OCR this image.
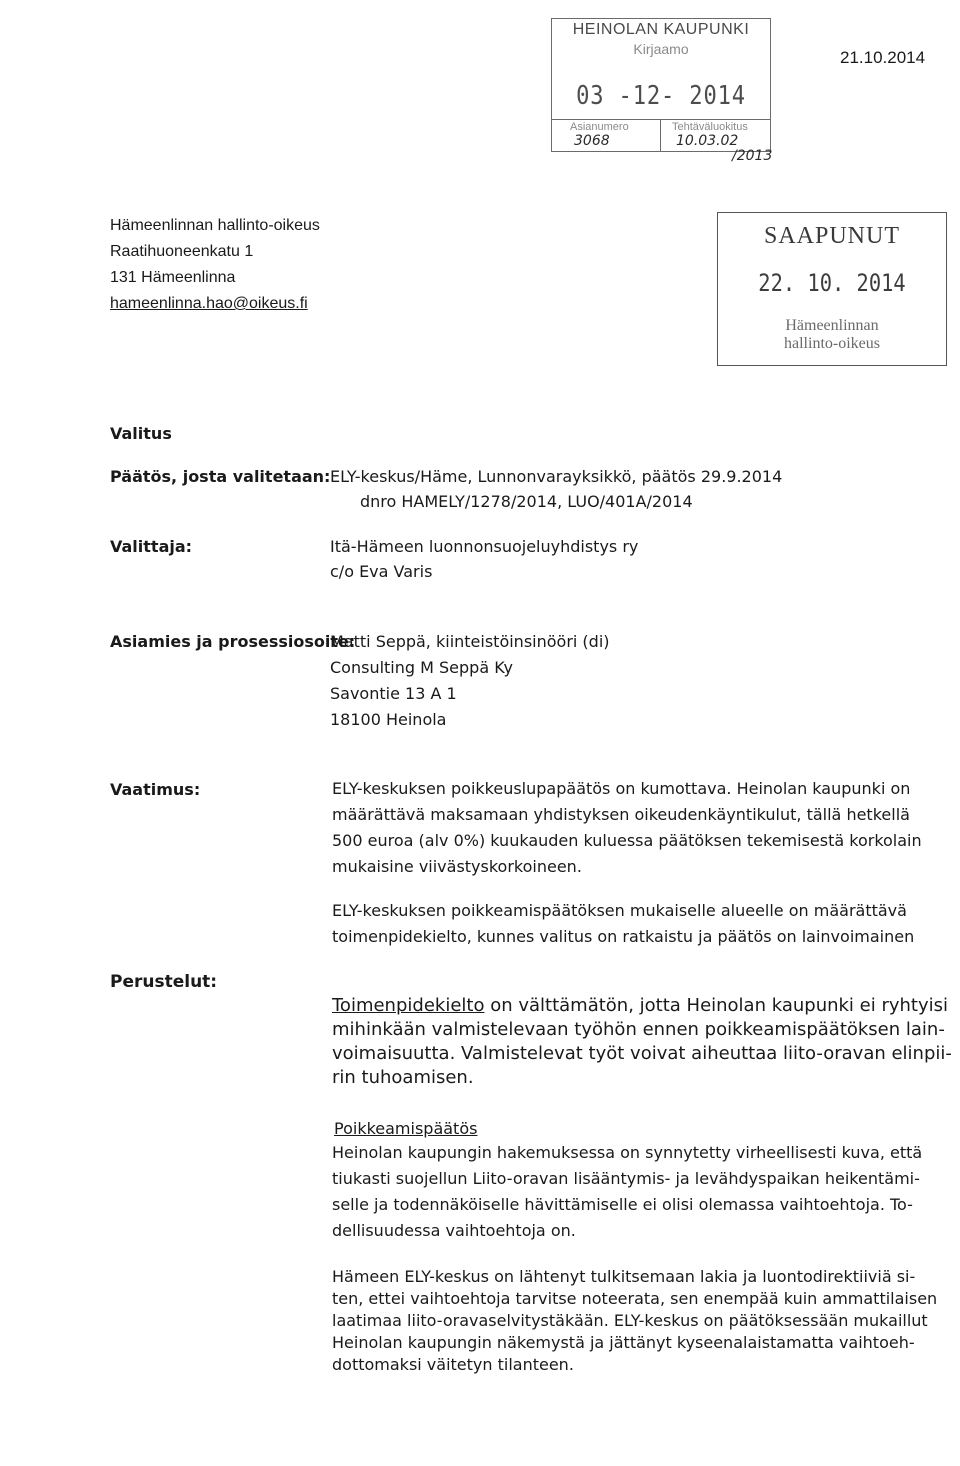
HEINOLAN KAUPUNKI
Kirjaamo
03 -12- 2014
Asianumero	Tehtäväluokitus
3068	10.03.02
/2013
21.10.2014
Hämeenlinnan hallinto-oikeus
Raatihuoneenkatu 1
131 Hämeenlinna
hameenlinna.hao@oikeus.fi
SAAPUNUT
22. 10. 2014
Hämeenlinnan
hallinto-oikeus
Valitus
Päätös, josta valitetaan: ELY-keskus/Häme, Lunnonvarayksikkö, päätös 29.9.2014
dnro HAMELY/1278/2014, LUO/401A/2014
Valittaja:	Itä-Hämeen luonnonsuojeluyhdistys ry
c/o Eva Varis
Asiamies ja prosessiosoite:
Matti Seppä, kiinteistöinsinööri (di)
Consulting M Seppä Ky
Savontie 13 A 1
18100 Heinola
Vaatimus:	ELY-keskuksen poikkeuslupapäätös on kumottava. Heinolan kaupunki on
määrättävä maksamaan yhdistyksen oikeudenkäyntikulut, tällä hetkellä
500 euroa (alv 0%) kuukauden kuluessa päätöksen tekemisestä korkolain
mukaisine viivästyskorkoineen.
ELY-keskuksen poikkeamispäätöksen mukaiselle alueelle on määrättävä
toimenpidekielto, kunnes valitus on ratkaistu ja päätös on lainvoimainen
Perustelut:
Toimenpidekielto on välttämätön, jotta Heinolan kaupunki ei ryhtyisi
mihinkään valmistelevaan työhön ennen poikkeamispäätöksen lain-
voimaisuutta. Valmistelevat työt voivat aiheuttaa liito-oravan elinpii-
rin tuhoamisen.
Poikkeamispäätös
Heinolan kaupungin hakemuksessa on synnytetty virheellisesti kuva, että
tiukasti suojellun Liito-oravan lisääntymis- ja levähdyspaikan heikentämi-
selle ja todennäköiselle hävittämiselle ei olisi olemassa vaihtoehtoja. To-
dellisuudessa vaihtoehtoja on.
Hämeen ELY-keskus on lähtenyt tulkitsemaan lakia ja luontodirektiiviä si-
ten, ettei vaihtoehtoja tarvitse noteerata, sen enempää kuin ammattilaisen
laatimaa liito-oravaselvitystäkään. ELY-keskus on päätöksessään mukaillut
Heinolan kaupungin näkemystä ja jättänyt kyseenalaistamatta vaihtoeh-
dottomaksi väitetyn tilanteen.
